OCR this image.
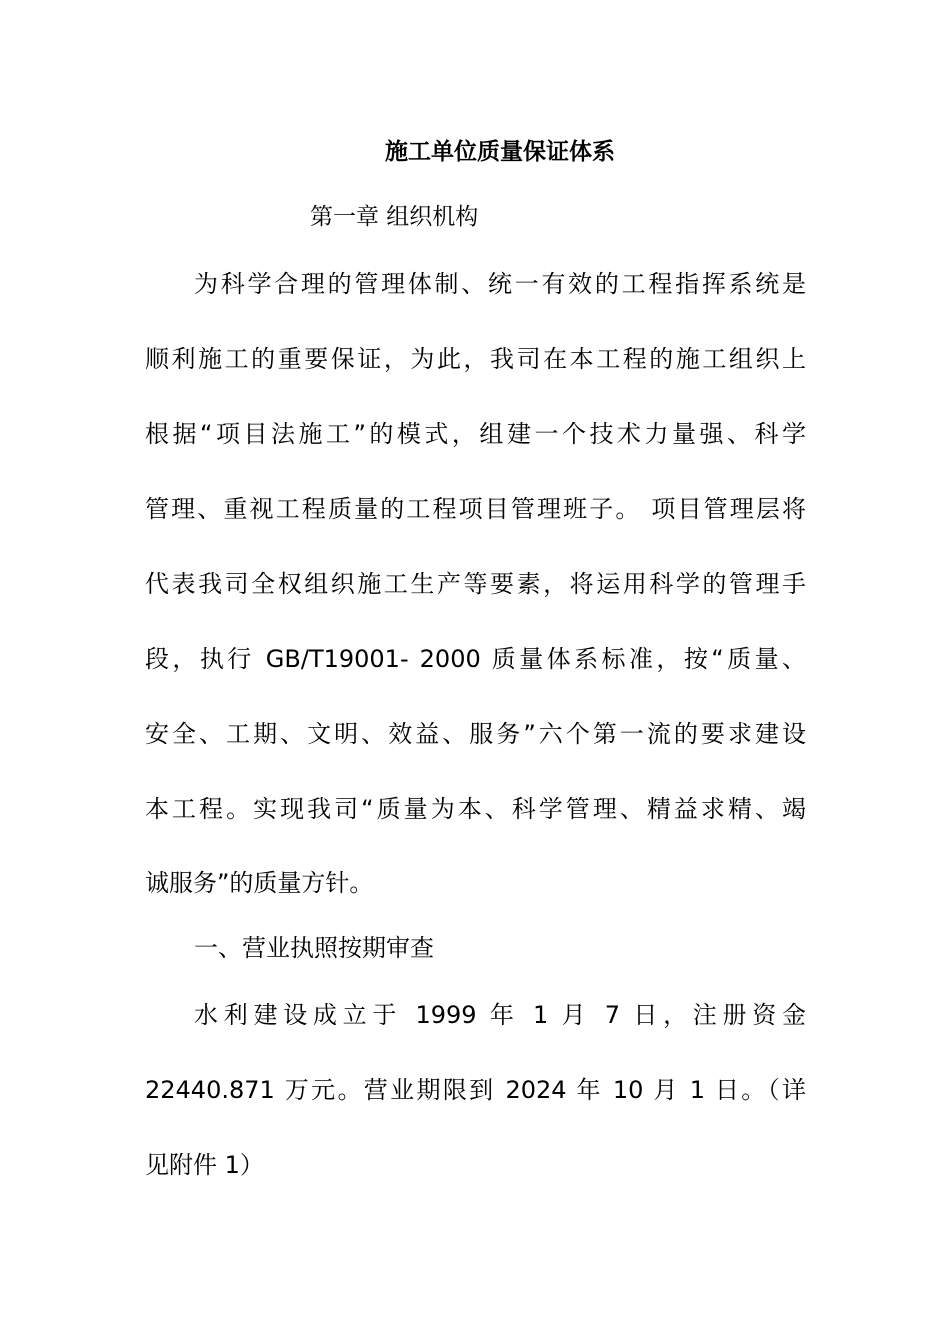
施工单位质量保证体系
第一章 组织机构
为科学合理的管理体制、统一有效的工程指挥系统是
顺利施工的重要保证，为此，我司在本工程的施工组织上
根据“项目法施工”的模式，组建一个技术力量强、科学
管理、重视工程质量的工程项目管理班子。 项目管理层将
代表我司全权组织施工生产等要素，将运用科学的管理手
段，执行 GB/T19001- 2000 质量体系标准，按“质量、
安全、工期、文明、效益、服务”六个第一流的要求建设
本工程。实现我司“质量为本、科学管理、精益求精、竭
诚服务”的质量方针。
一、营业执照按期审查
水利建设成立于 1999 年 1 月 7 日，注册资金
22440.871 万元。营业期限到 2024 年 10 月 1 日。（详
见附件 1）
